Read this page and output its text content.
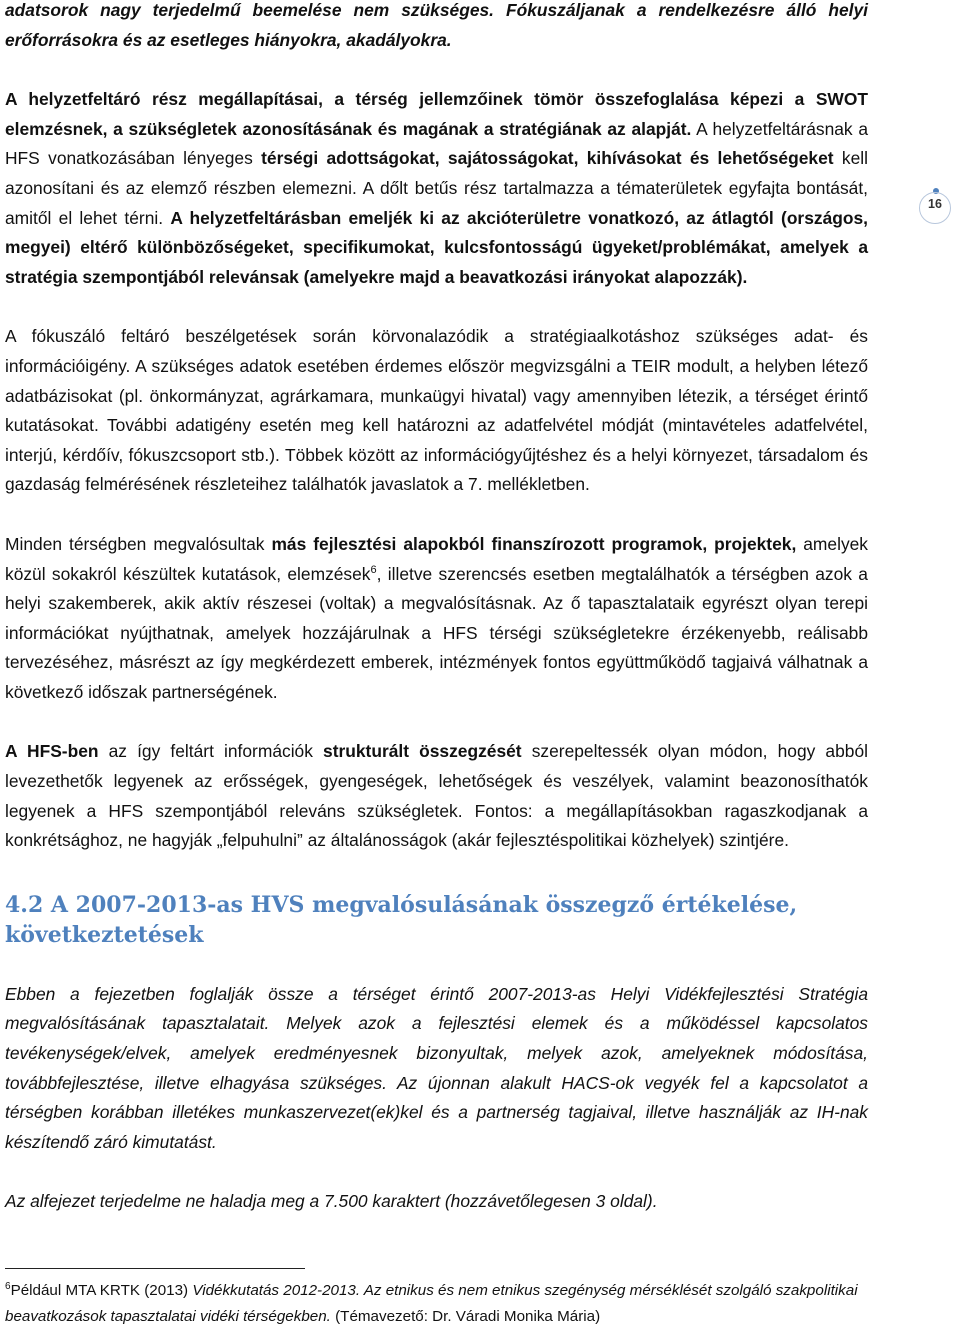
16

adatsorok nagy terjedelmű beemelése nem szükséges. Fókuszáljanak a rendelkezésre álló helyi erőforrásokra és az esetleges hiányokra, akadályokra.

A helyzetfeltáró rész megállapításai, a térség jellemzőinek tömör összefoglalása képezi a SWOT elemzésnek, a szükségletek azonosításának és magának a stratégiának az alapját. A helyzetfeltárásnak a HFS vonatkozásában lényeges térségi adottságokat, sajátosságokat, kihívásokat és lehetőségeket kell azonosítani és az elemző részben elemezni. A dőlt betűs rész tartalmazza a tématerületek egyfajta bontását, amitől el lehet térni. A helyzetfeltárásban emeljék ki az akcióterületre vonatkozó, az átlagtól (országos, megyei) eltérő különbözőségeket, specifikumokat, kulcsfontosságú ügyeket/problémákat, amelyek a stratégia szempontjából relevánsak (amelyekre majd a beavatkozási irányokat alapozzák).

A fókuszáló feltáró beszélgetések során körvonalazódik a stratégiaalkotáshoz szükséges adat- és információigény. A szükséges adatok esetében érdemes először megvizsgálni a TEIR modult, a helyben létező adatbázisokat (pl. önkormányzat, agrárkamara, munkaügyi hivatal) vagy amennyiben létezik, a térséget érintő kutatásokat. További adatigény esetén meg kell határozni az adatfelvétel módját (mintavételes adatfelvétel, interjú, kérdőív, fókuszcsoport stb.). Többek között az információgyűjtéshez és a helyi környezet, társadalom és gazdaság felmérésének részleteihez találhatók javaslatok a 7. mellékletben.

Minden térségben megvalósultak más fejlesztési alapokból finanszírozott programok, projektek, amelyek közül sokakról készültek kutatások, elemzések$^6$, illetve szerencsés esetben megtalálhatók a térségben azok a helyi szakemberek, akik aktív részesei (voltak) a megvalósításnak. Az ő tapasztalataik egyrészt olyan terepi információkat nyújthatnak, amelyek hozzájárulnak a HFS térségi szükségletekre érzékenyebb, reálisabb tervezéséhez, másrészt az így megkérdezett emberek, intézmények fontos együttműködő tagjaivá válhatnak a következő időszak partnerségének.

A HFS-ben az így feltárt információk strukturált összegzését szerepeltessék olyan módon, hogy abból levezethetők legyenek az erősségek, gyengeségek, lehetőségek és veszélyek, valamint beazonosíthatók legyenek a HFS szempontjából releváns szükségletek. Fontos: a megállapításokban ragaszkodjanak a konkrétsághoz, ne hagyják „felpuhulni” az általánosságok (akár fejlesztéspolitikai közhelyek) szintjére.

4.2 A 2007-2013-as HVS megvalósulásának összegző értékelése, következtetések

Ebben a fejezetben foglalják össze a térséget érintő 2007-2013-as Helyi Vidékfejlesztési Stratégia megvalósításának tapasztalatait. Melyek azok a fejlesztési elemek és a működéssel kapcsolatos tevékenységek/elvek, amelyek eredményesnek bizonyultak, melyek azok, amelyeknek módosítása, továbbfejlesztése, illetve elhagyása szükséges. Az újonnan alakult HACS-ok vegyék fel a kapcsolatot a térségben korábban illetékes munkaszervezet(ek)kel és a partnerség tagjaival, illetve használják az IH-nak készítendő záró kimutatást.

Az alfejezet terjedelme ne haladja meg a 7.500 karaktert (hozzávetőlegesen 3 oldal).

$^6$Például MTA KRTK (2013) Vidékkutatás 2012-2013. Az etnikus és nem etnikus szegénység mérséklését szolgáló szakpolitikai beavatkozások tapasztalatai vidéki térségekben. (Témavezető: Dr. Váradi Monika Mária)
